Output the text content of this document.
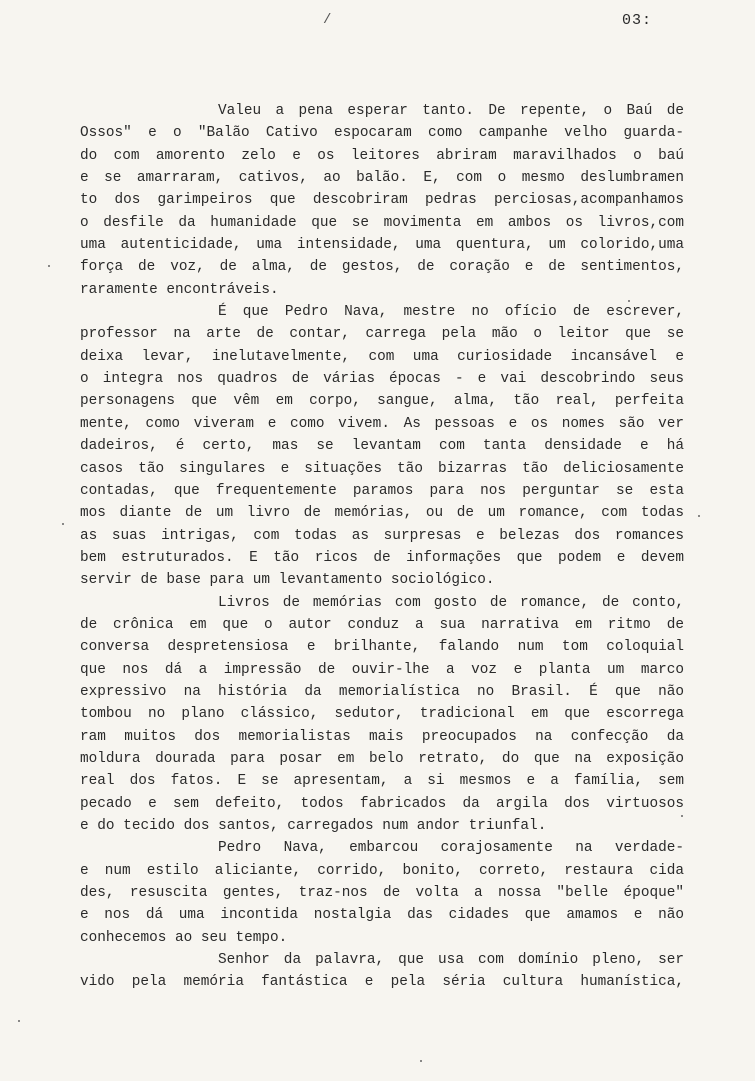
/	03:
Valeu a pena esperar tanto. De repente, o Baú de
Ossos" e o "Balão Cativo espocaram como campanhe velho guarda-
do com amorento zelo e os leitores abriram maravilhados o baú
e se amarraram, cativos, ao balão. E, com o mesmo deslumbramen
to dos garimpeiros que descobriram pedras perciosas,acompanhamos
o desfile da humanidade que se movimenta em ambos os livros,com
uma autenticidade, uma intensidade, uma quentura, um colorido,uma
força de voz, de alma, de gestos, de coração e de sentimentos,
raramente encontráveis.
É que Pedro Nava, mestre no ofício de escrever,
professor na arte de contar, carrega pela mão o leitor que se
deixa levar, inelutavelmente, com uma curiosidade incansável e
o integra nos quadros de várias épocas - e vai descobrindo seus
personagens que vêm em corpo, sangue, alma, tão real, perfeita
mente, como viveram e como vivem. As pessoas e os nomes são ver
dadeiros, é certo, mas se levantam com tanta densidade e há
casos tão singulares e situações tão bizarras tão deliciosamente
contadas, que frequentemente paramos para nos perguntar se esta
mos diante de um livro de memórias, ou de um romance, com todas
as suas intrigas, com todas as surpresas e belezas dos romances
bem estruturados. E tão ricos de informações que podem e devem
servir de base para um levantamento sociológico.
Livros de memórias com gosto de romance, de conto,
de crônica em que o autor conduz a sua narrativa em ritmo de
conversa despretensiosa e brilhante, falando num tom coloquial
que nos dá a impressão de ouvir-lhe a voz e planta um marco
expressivo na história da memorialística no Brasil. É que não
tombou no plano clássico, sedutor, tradicional em que escorrega
ram muitos dos memorialistas mais preocupados na confecção da
moldura dourada para posar em belo retrato, do que na exposição
real dos fatos. E se apresentam, a si mesmos e a família, sem
pecado e sem defeito, todos fabricados da argila dos virtuosos
e do tecido dos santos, carregados num andor triunfal.
Pedro Nava, embarcou corajosamente na verdade-
e num estilo aliciante, corrido, bonito, correto, restaura cida
des, resuscita gentes, traz-nos de volta a nossa "belle époque"
e nos dá uma incontida nostalgia das cidades que amamos e não
conhecemos ao seu tempo.
Senhor da palavra, que usa com domínio pleno, ser
vido pela memória fantástica e pela séria cultura humanística,
